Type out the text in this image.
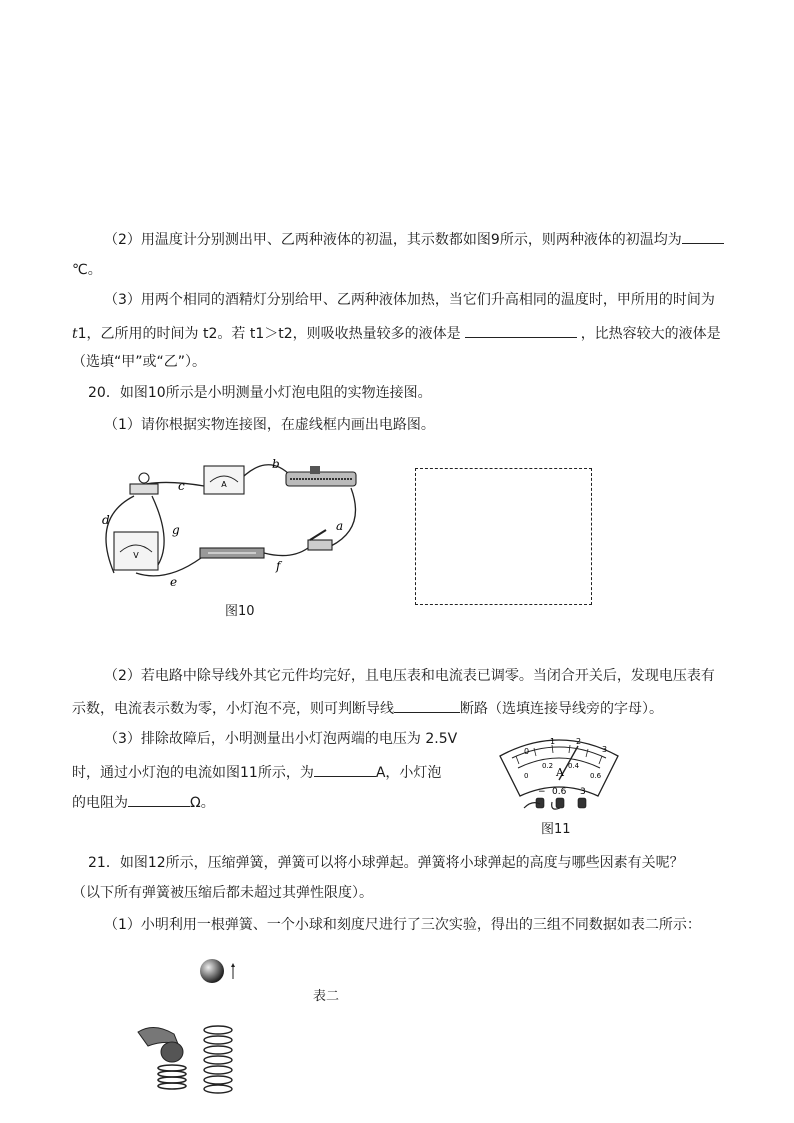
（2）用温度计分别测出甲、乙两种液体的初温，其示数都如图9所示，则两种液体的初温均为
℃。
（3）用两个相同的酒精灯分别给甲、乙两种液体加热，当它们升高相同的温度时，甲所用的时间为
t1，乙所用的时间为 t2。若 t1＞t2，则吸收热量较多的液体是	，比热容较大的液体是
（选填“甲”或“乙”）。
20．如图10所示是小明测量小灯泡电阻的实物连接图。
（1）请你根据实物连接图，在虚线框内画出电路图。
A
V
c
b
a
d
g
e
f
图10
（2）若电路中除导线外其它元件均完好，且电压表和电流表已调零。当闭合开关后，发现电压表有
示数，电流表示数为零，小灯泡不亮，则可判断导线	断路（选填连接导线旁的字母）。
（3）排除故障后，小明测量出小灯泡两端的电压为 2.5V
时，通过小灯泡的电流如图11所示，为	A，小灯泡
的电阻为	Ω。
0
1	2
3
0
0.2 0.4
0.6
A
− 0.6 3
图11
21．如图12所示，压缩弹簧，弹簧可以将小球弹起。弹簧将小球弹起的高度与哪些因素有关呢？
（以下所有弹簧被压缩后都未超过其弹性限度）。
（1）小明利用一根弹簧、一个小球和刻度尺进行了三次实验，得出的三组不同数据如表二所示：
表二
